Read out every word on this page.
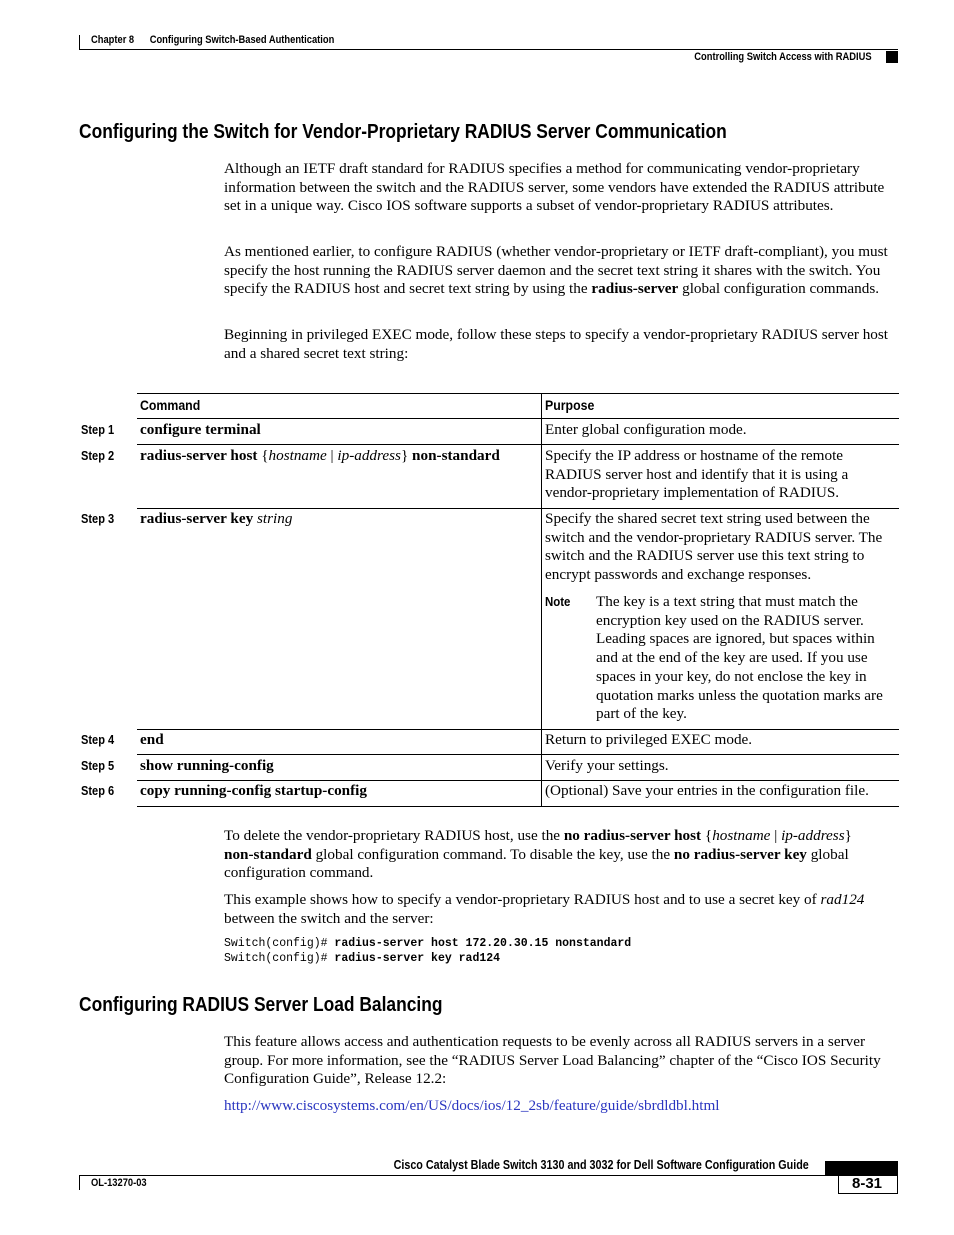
Chapter 8      Configuring Switch-Based Authentication
Controlling Switch Access with RADIUS
Configuring the Switch for Vendor-Proprietary RADIUS Server Communication

Although an IETF draft standard for RADIUS specifies a method for communicating vendor-proprietary information between the switch and the RADIUS server, some vendors have extended the RADIUS attribute set in a unique way. Cisco IOS software supports a subset of vendor-proprietary RADIUS attributes.

As mentioned earlier, to configure RADIUS (whether vendor-proprietary or IETF draft-compliant), you must specify the host running the RADIUS server daemon and the secret text string it shares with the switch. You specify the RADIUS host and secret text string by using the radius-server global configuration commands.

Beginning in privileged EXEC mode, follow these steps to specify a vendor-proprietary RADIUS server host and a shared secret text string:

Command	Purpose
Step 1 configure terminal	Enter global configuration mode.

Step 2 radius-server host {hostname | ip-address} non-standard	Specify the IP address or hostname of the remote RADIUS server host and identify that it is using a vendor-proprietary implementation of RADIUS.

Step 3 radius-server key string	Specify the shared secret text string used between the switch and the vendor-proprietary RADIUS server. The switch and the RADIUS server use this text string to encrypt passwords and exchange responses.

Note The key is a text string that must match the encryption key used on the RADIUS server. Leading spaces are ignored, but spaces within and at the end of the key are used. If you use spaces in your key, do not enclose the key in quotation marks unless the quotation marks are part of the key.

Step 4 end	Return to privileged EXEC mode.

Step 5 show running-config	Verify your settings.

Step 6 copy running-config startup-config	(Optional) Save your entries in the configuration file.

To delete the vendor-proprietary RADIUS host, use the no radius-server host {hostname | ip-address}
non-standard global configuration command. To disable the key, use the no radius-server key global configuration command.

This example shows how to specify a vendor-proprietary RADIUS host and to use a secret key of rad124 between the switch and the server:

Switch(config)# radius-server host 172.20.30.15 nonstandard
Switch(config)# radius-server key rad124
Configuring RADIUS Server Load Balancing

This feature allows access and authentication requests to be evenly across all RADIUS servers in a server group. For more information, see the “RADIUS Server Load Balancing” chapter of the “Cisco IOS Security Configuration Guide”, Release 12.2:

http://www.ciscosystems.com/en/US/docs/ios/12_2sb/feature/guide/sbrdldbl.html
Cisco Catalyst Blade Switch 3130 and 3032 for Dell Software Configuration Guide
OL-13270-03	8-31
